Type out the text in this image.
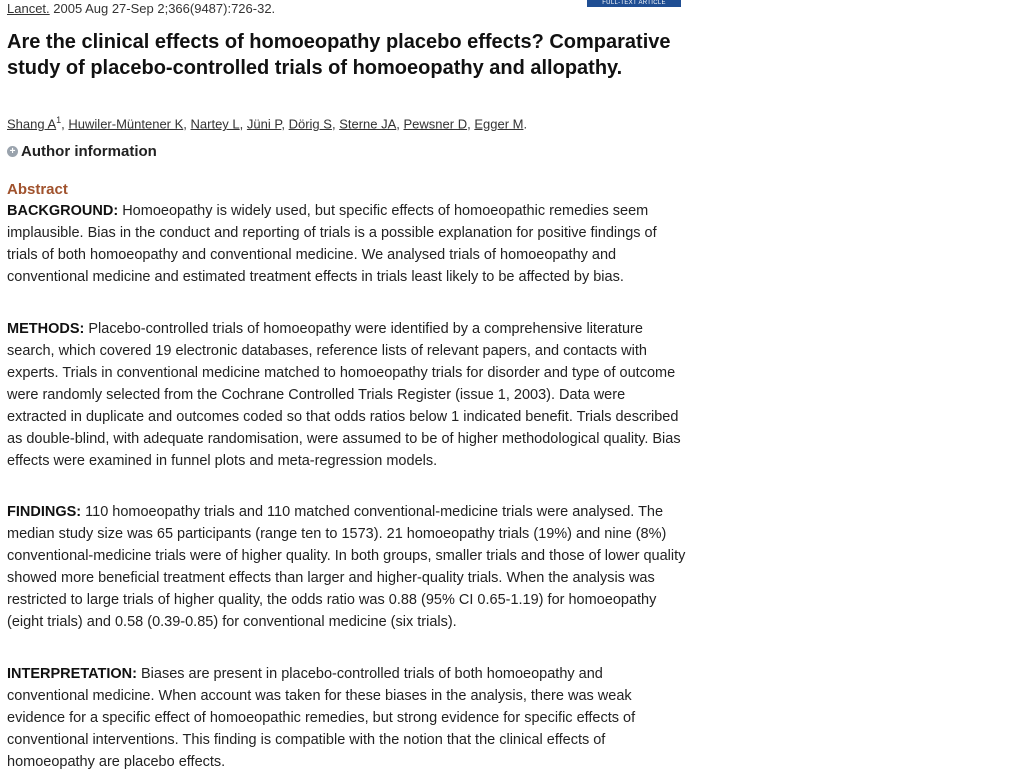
Lancet. 2005 Aug 27-Sep 2;366(9487):726-32.	FULL-TEXT ARTICLE
Are the clinical effects of homoeopathy placebo effects? Comparative study of placebo-controlled trials of homoeopathy and allopathy.
Shang $A^1$, Huwiler-Müntener K, Nartey L, Jüni P, Dörig S, Sterne JA, Pewsner D, Egger M.
+ Author information
Abstract

BACKGROUND: Homoeopathy is widely used, but specific effects of homoeopathic remedies seem implausible. Bias in the conduct and reporting of trials is a possible explanation for positive findings of trials of both homoeopathy and conventional medicine. We analysed trials of homoeopathy and conventional medicine and estimated treatment effects in trials least likely to be affected by bias.

METHODS: Placebo-controlled trials of homoeopathy were identified by a comprehensive literature search, which covered 19 electronic databases, reference lists of relevant papers, and contacts with experts. Trials in conventional medicine matched to homoeopathy trials for disorder and type of outcome were randomly selected from the Cochrane Controlled Trials Register (issue 1, 2003). Data were extracted in duplicate and outcomes coded so that odds ratios below 1 indicated benefit. Trials described as double-blind, with adequate randomisation, were assumed to be of higher methodological quality. Bias effects were examined in funnel plots and meta-regression models.

FINDINGS: 110 homoeopathy trials and 110 matched conventional-medicine trials were analysed. The median study size was 65 participants (range ten to 1573). 21 homoeopathy trials (19%) and nine (8%) conventional-medicine trials were of higher quality. In both groups, smaller trials and those of lower quality showed more beneficial treatment effects than larger and higher-quality trials. When the analysis was restricted to large trials of higher quality, the odds ratio was 0.88 (95% CI 0.65-1.19) for homoeopathy (eight trials) and 0.58 (0.39-0.85) for conventional medicine (six trials).

INTERPRETATION: Biases are present in placebo-controlled trials of both homoeopathy and conventional medicine. When account was taken for these biases in the analysis, there was weak evidence for a specific effect of homoeopathic remedies, but strong evidence for specific effects of conventional interventions. This finding is compatible with the notion that the clinical effects of homoeopathy are placebo effects.
